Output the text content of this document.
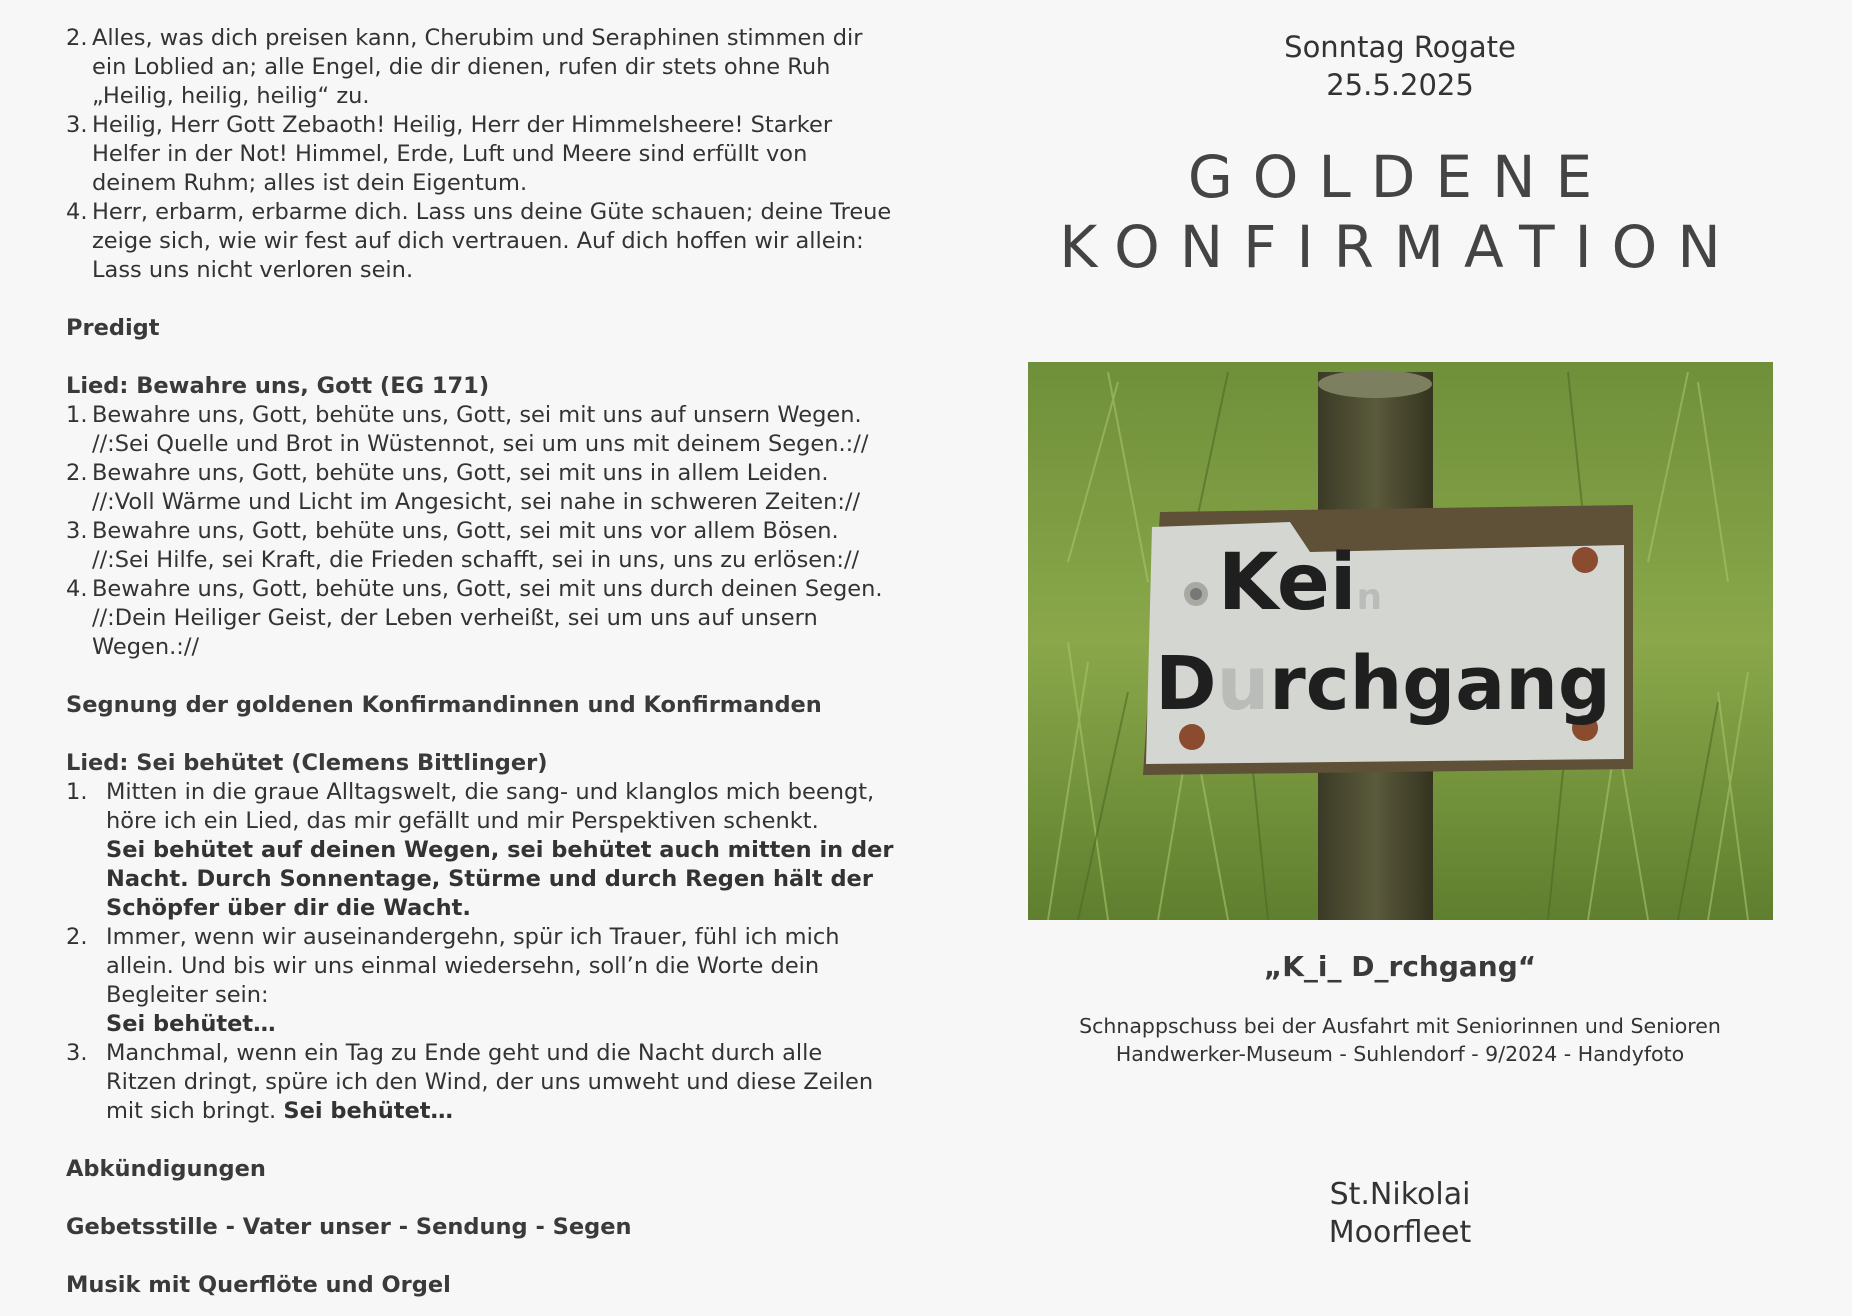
2. Alles, was dich preisen kann, Cherubim und Seraphinen stimmen dir ein Loblied an; alle Engel, die dir dienen, rufen dir stets ohne Ruh „Heilig, heilig, heilig“ zu.
3. Heilig, Herr Gott Zebaoth! Heilig, Herr der Himmelsheere! Starker Helfer in der Not! Himmel, Erde, Luft und Meere sind erfüllt von deinem Ruhm; alles ist dein Eigentum.
4. Herr, erbarm, erbarme dich. Lass uns deine Güte schauen; deine Treue zeige sich, wie wir fest auf dich vertrauen. Auf dich hoffen wir allein: Lass uns nicht verloren sein.
Predigt
Lied: Bewahre uns, Gott (EG 171)
1. Bewahre uns, Gott, behüte uns, Gott, sei mit uns auf unsern Wegen.
//:Sei Quelle und Brot in Wüstennot, sei um uns mit deinem Segen.://
2. Bewahre uns, Gott, behüte uns, Gott, sei mit uns in allem Leiden.
//:Voll Wärme und Licht im Angesicht, sei nahe in schweren Zeiten://
3. Bewahre uns, Gott, behüte uns, Gott, sei mit uns vor allem Bösen.
//:Sei Hilfe, sei Kraft, die Frieden schafft, sei in uns, uns zu erlösen://
4. Bewahre uns, Gott, behüte uns, Gott, sei mit uns durch deinen Segen.
//:Dein Heiliger Geist, der Leben verheißt, sei um uns auf unsern Wegen.://
Segnung der goldenen Konfirmandinnen und Konfirmanden
Lied: Sei behütet (Clemens Bittlinger)
1. Mitten in die graue Alltagswelt, die sang- und klanglos mich beengt, höre ich ein Lied, das mir gefällt und mir Perspektiven schenkt.
Sei behütet auf deinen Wegen, sei behütet auch mitten in der Nacht. Durch Sonnentage, Stürme und durch Regen hält der Schöpfer über dir die Wacht.
2. Immer, wenn wir auseinandergehn, spür ich Trauer, fühl ich mich allein. Und bis wir uns einmal wiedersehn, soll’n die Worte dein Begleiter sein:
Sei behütet…
3. Manchmal, wenn ein Tag zu Ende geht und die Nacht durch alle Ritzen dringt, spüre ich den Wind, der uns umweht und diese Zeilen mit sich bringt. Sei behütet…
Abkündigungen
Gebetsstille - Vater unser - Sendung - Segen
Musik mit Querflöte und Orgel
Sonntag Rogate
25.5.2025
GOLDENE
KONFIRMATION
Kein
Durchgang
„K_i_ D_rchgang“
Schnappschuss bei der Ausfahrt mit Seniorinnen und Senioren
Handwerker-Museum - Suhlendorf - 9/2024 - Handyfoto
St.Nikolai
Moorfleet
